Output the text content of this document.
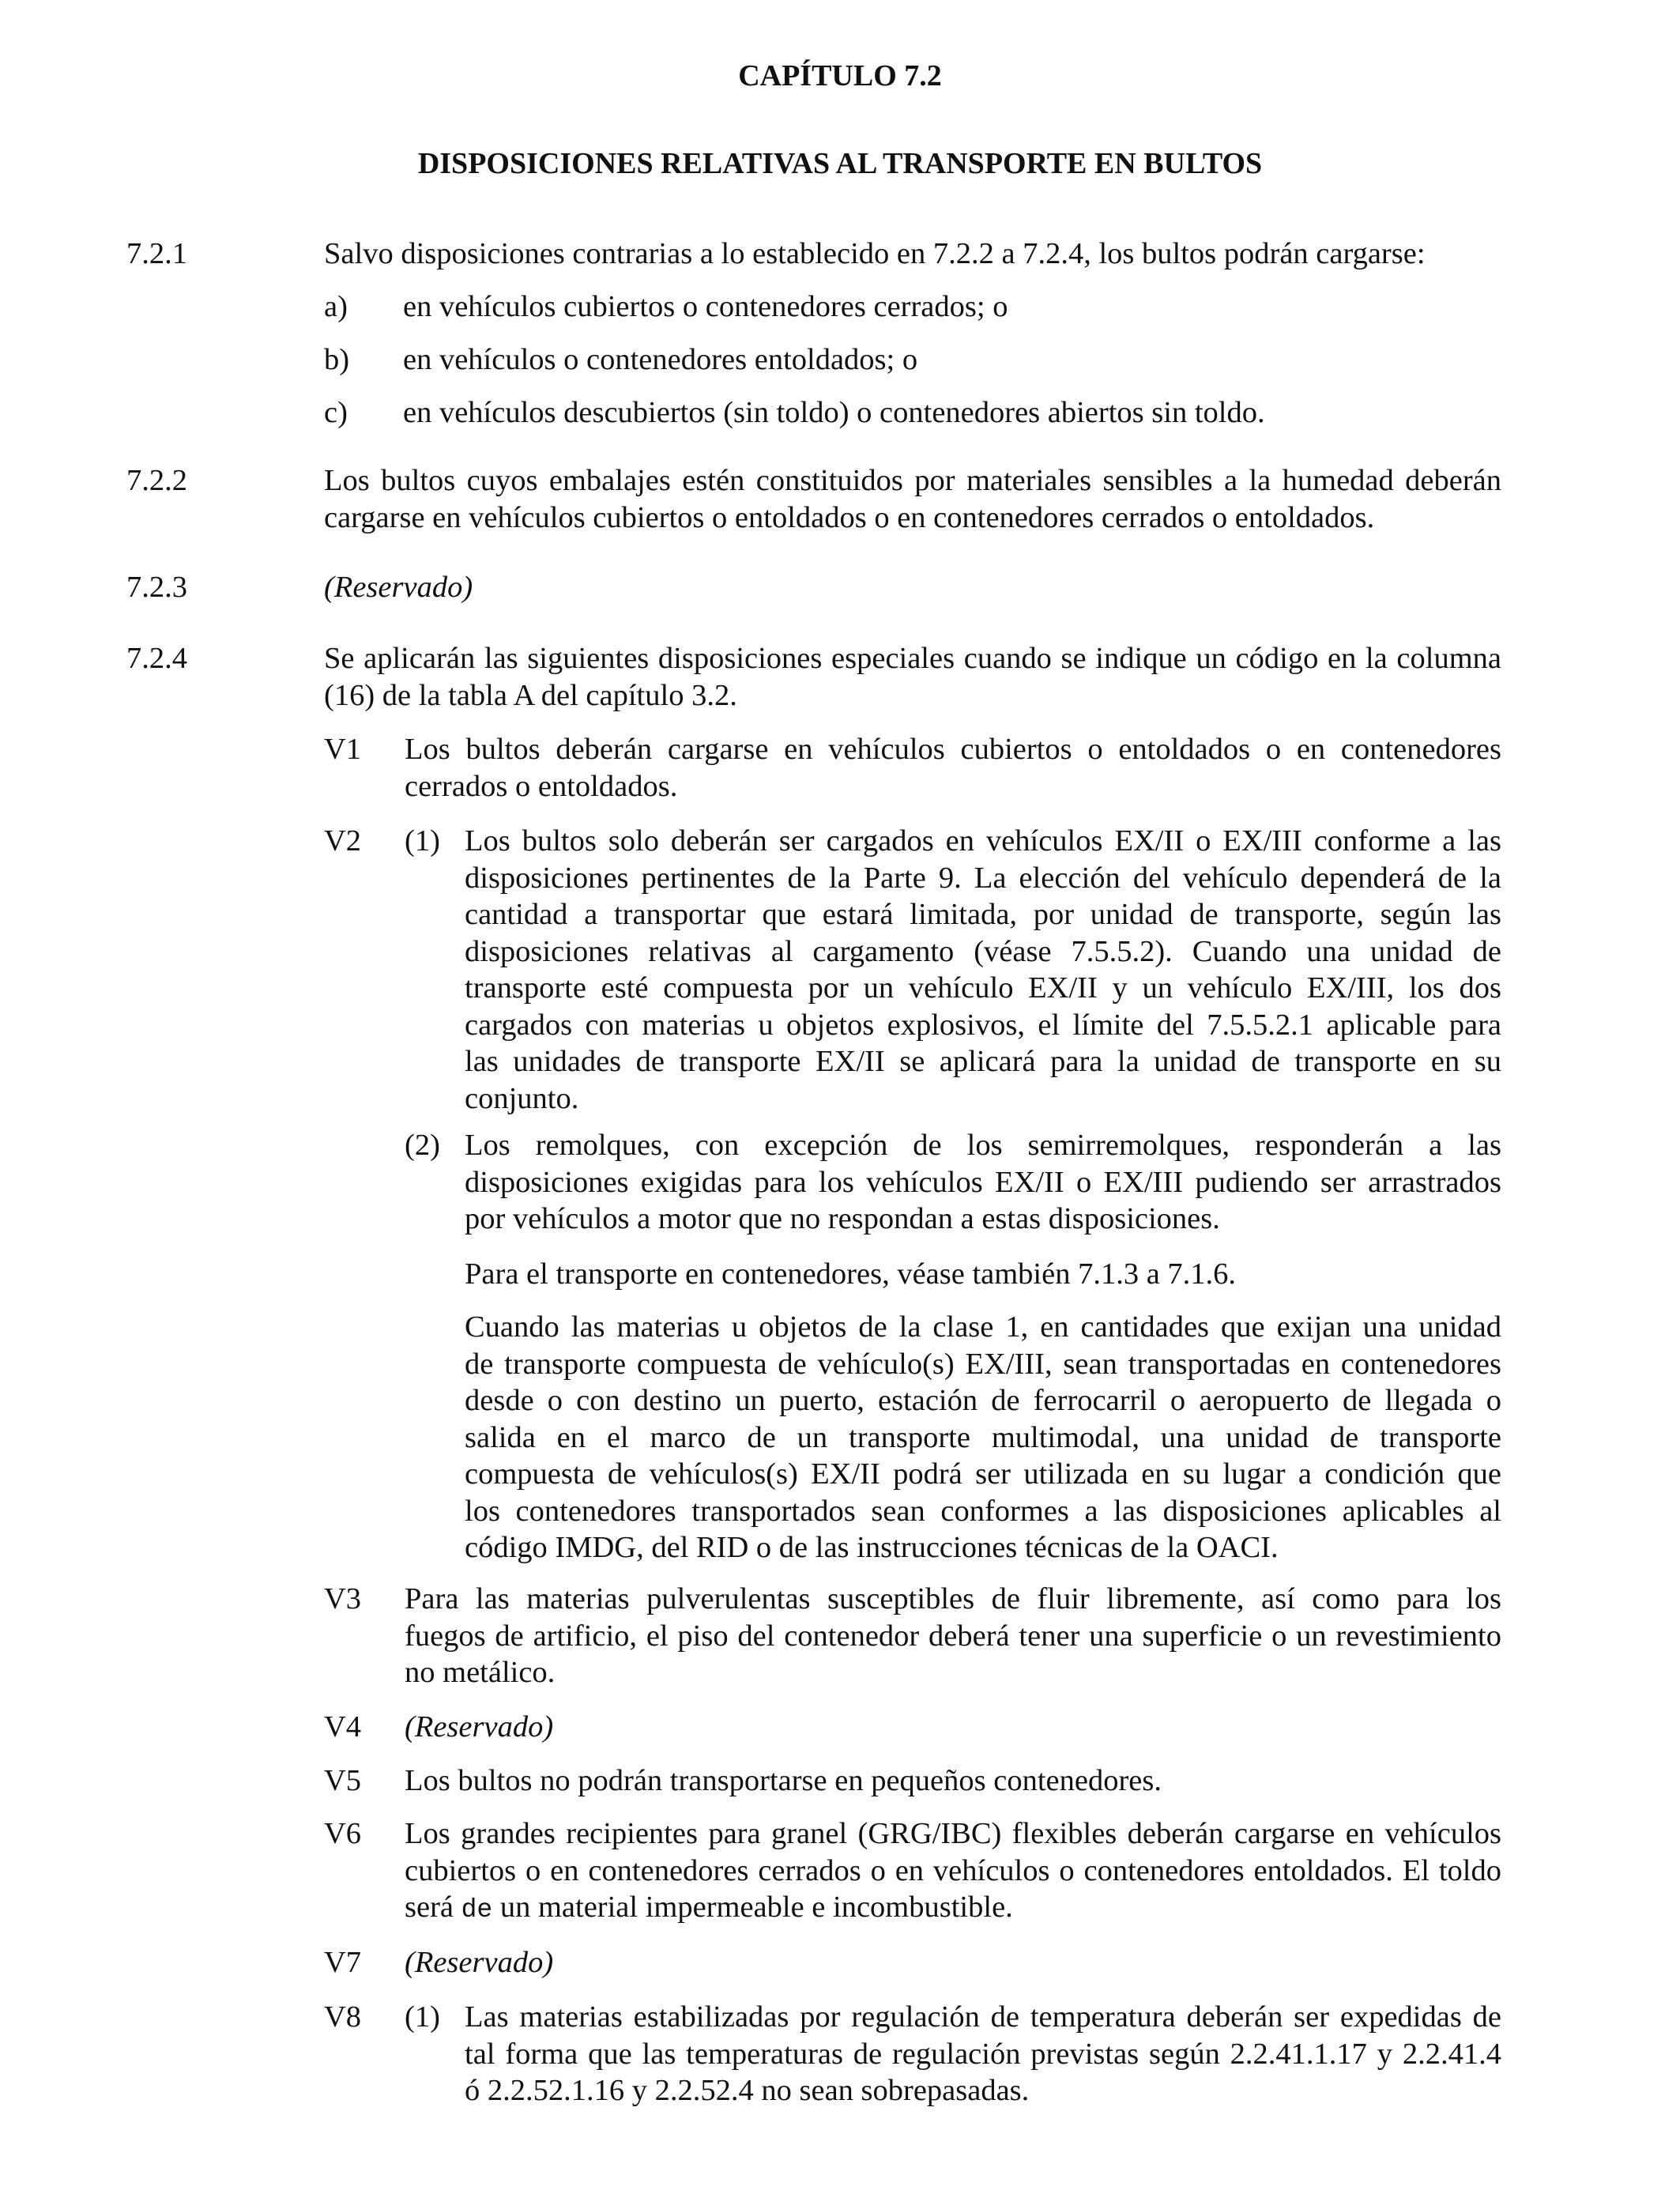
CAPÍTULO 7.2
DISPOSICIONES RELATIVAS AL TRANSPORTE EN BULTOS
7.2.1	Salvo disposiciones contrarias a lo establecido en 7.2.2 a 7.2.4, los bultos podrán cargarse:
a) en vehículos cubiertos o contenedores cerrados; o
b) en vehículos o contenedores entoldados; o
c) en vehículos descubiertos (sin toldo) o contenedores abiertos sin toldo.
7.2.2	Los bultos cuyos embalajes estén constituidos por materiales sensibles a la humedad deberán
cargarse en vehículos cubiertos o entoldados o en contenedores cerrados o entoldados.
7.2.3	(Reservado)
7.2.4	Se aplicarán las siguientes disposiciones especiales cuando se indique un código en la columna
(16) de la tabla A del capítulo 3.2.
V1 Los bultos deberán cargarse en vehículos cubiertos o entoldados o en contenedores
cerrados o entoldados.
V2 (1) Los bultos solo deberán ser cargados en vehículos EX/II o EX/III conforme a las
disposiciones pertinentes de la Parte 9. La elección del vehículo dependerá de la
cantidad a transportar que estará limitada, por unidad de transporte, según las
disposiciones relativas al cargamento (véase 7.5.5.2). Cuando una unidad de
transporte esté compuesta por un vehículo EX/II y un vehículo EX/III, los dos
cargados con materias u objetos explosivos, el límite del 7.5.5.2.1 aplicable para
las unidades de transporte EX/II se aplicará para la unidad de transporte en su
conjunto.
(2) Los remolques, con excepción de los semirremolques, responderán a las
disposiciones exigidas para los vehículos EX/II o EX/III pudiendo ser arrastrados
por vehículos a motor que no respondan a estas disposiciones.
Para el transporte en contenedores, véase también 7.1.3 a 7.1.6.
Cuando las materias u objetos de la clase 1, en cantidades que exijan una unidad
de transporte compuesta de vehículo(s) EX/III, sean transportadas en contenedores
desde o con destino un puerto, estación de ferrocarril o aeropuerto de llegada o
salida en el marco de un transporte multimodal, una unidad de transporte
compuesta de vehículos(s) EX/II podrá ser utilizada en su lugar a condición que
los contenedores transportados sean conformes a las disposiciones aplicables al
código IMDG, del RID o de las instrucciones técnicas de la OACI.
V3 Para las materias pulverulentas susceptibles de fluir libremente, así como para los
fuegos de artificio, el piso del contenedor deberá tener una superficie o un revestimiento
no metálico.
V4 (Reservado)
V5 Los bultos no podrán transportarse en pequeños contenedores.
V6 Los grandes recipientes para granel (GRG/IBC) flexibles deberán cargarse en vehículos
cubiertos o en contenedores cerrados o en vehículos o contenedores entoldados. El toldo
será de un material impermeable e incombustible.
V7 (Reservado)
V8 (1) Las materias estabilizadas por regulación de temperatura deberán ser expedidas de
tal forma que las temperaturas de regulación previstas según 2.2.41.1.17 y 2.2.41.4
ó 2.2.52.1.16 y 2.2.52.4 no sean sobrepasadas.
